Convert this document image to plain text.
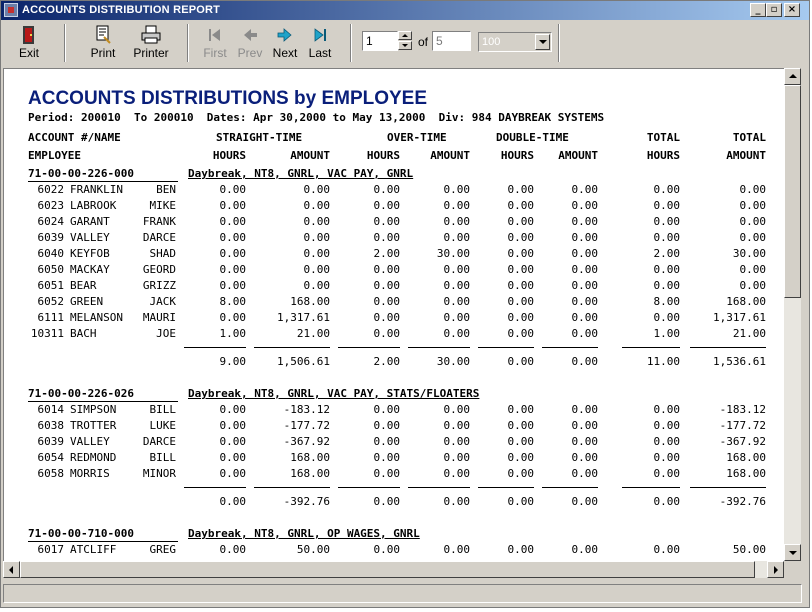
ACCOUNTS DISTRIBUTION REPORT	_	▫	×
Exit	Print	Printer	First Prev Next Last
1	of 5	100
ACCOUNTS DISTRIBUTIONS by EMPLOYEE
Period: 200010  To 200010  Dates: Apr 30,2000 to May 13,2000  Div: 984 DAYBREAK SYSTEMS
ACCOUNT #/NAME	STRAIGHT-TIME	OVER-TIME	DOUBLE-TIME	TOTAL	TOTAL
EMPLOYEE	HOURS	AMOUNT	HOURS	AMOUNT	HOURS	AMOUNT	HOURS	AMOUNT
71-00-00-226-000	Daybreak, NT8, GNRL, VAC PAY, GNRL
6022 FRANKLIN	BEN	0.00	0.00	0.00	0.00	0.00	0.00	0.00	0.00
6023 LABROOK	MIKE	0.00	0.00	0.00	0.00	0.00	0.00	0.00	0.00
6024 GARANT	FRANK	0.00	0.00	0.00	0.00	0.00	0.00	0.00	0.00
6039 VALLEY	DARCE	0.00	0.00	0.00	0.00	0.00	0.00	0.00	0.00
6040 KEYFOB	SHAD	0.00	0.00	2.00	30.00	0.00	0.00	2.00	30.00
6050 MACKAY	GEORD	0.00	0.00	0.00	0.00	0.00	0.00	0.00	0.00
6051 BEAR	GRIZZ	0.00	0.00	0.00	0.00	0.00	0.00	0.00	0.00
6052 GREEN	JACK	8.00	168.00	0.00	0.00	0.00	0.00	8.00	168.00
6111 MELANSON	MAURI	0.00	1,317.61	0.00	0.00	0.00	0.00	0.00	1,317.61
10311 BACH	JOE	1.00	21.00	0.00	0.00	0.00	0.00	1.00	21.00
9.00	1,506.61	2.00	30.00	0.00	0.00	11.00	1,536.61
71-00-00-226-026	Daybreak, NT8, GNRL, VAC PAY, STATS/FLOATERS
6014 SIMPSON	BILL	0.00	-183.12	0.00	0.00	0.00	0.00	0.00	-183.12
6038 TROTTER	LUKE	0.00	-177.72	0.00	0.00	0.00	0.00	0.00	-177.72
6039 VALLEY	DARCE	0.00	-367.92	0.00	0.00	0.00	0.00	0.00	-367.92
6054 REDMOND	BILL	0.00	168.00	0.00	0.00	0.00	0.00	0.00	168.00
6058 MORRIS	MINOR	0.00	168.00	0.00	0.00	0.00	0.00	0.00	168.00
0.00	-392.76	0.00	0.00	0.00	0.00	0.00	-392.76
71-00-00-710-000	Daybreak, NT8, GNRL, OP WAGES, GNRL
6017 ATCLIFF	GREG	0.00	50.00	0.00	0.00	0.00	0.00	0.00	50.00
